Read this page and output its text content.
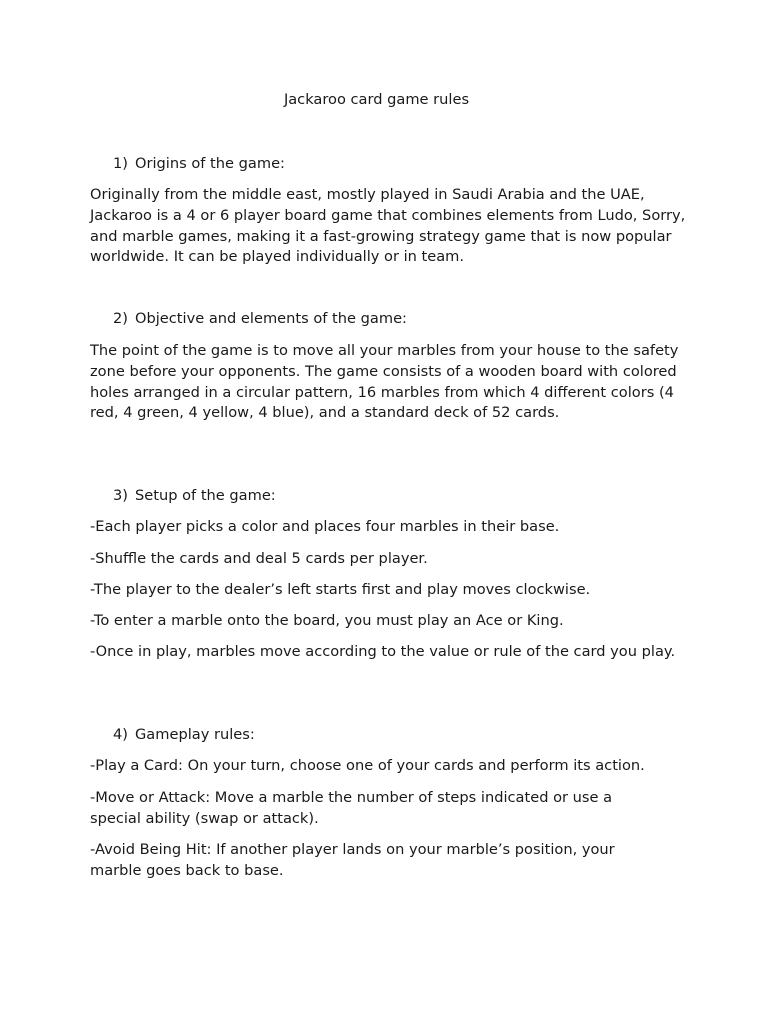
Jackaroo card game rules
1) Origins of the game:

Originally from the middle east, mostly played in Saudi Arabia and the UAE, Jackaroo is a 4 or 6 player board game that combines elements from Ludo, Sorry, and marble games, making it a fast-growing strategy game that is now popular worldwide. It can be played individually or in team.

2) Objective and elements of the game:

The point of the game is to move all your marbles from your house to the safety zone before your opponents. The game consists of a wooden board with colored holes arranged in a circular pattern, 16 marbles from which 4 different colors (4 red, 4 green, 4 yellow, 4 blue), and a standard deck of 52 cards.

3) Setup of the game:

-Each player picks a color and places four marbles in their base.

-Shuffle the cards and deal 5 cards per player.

-The player to the dealer’s left starts first and play moves clockwise.

-To enter a marble onto the board, you must play an Ace or King.

-Once in play, marbles move according to the value or rule of the card you play.

4) Gameplay rules:

-Play a Card: On your turn, choose one of your cards and perform its action.

-Move or Attack: Move a marble the number of steps indicated or use a special ability (swap or attack).

-Avoid Being Hit: If another player lands on your marble’s position, your marble goes back to base.
